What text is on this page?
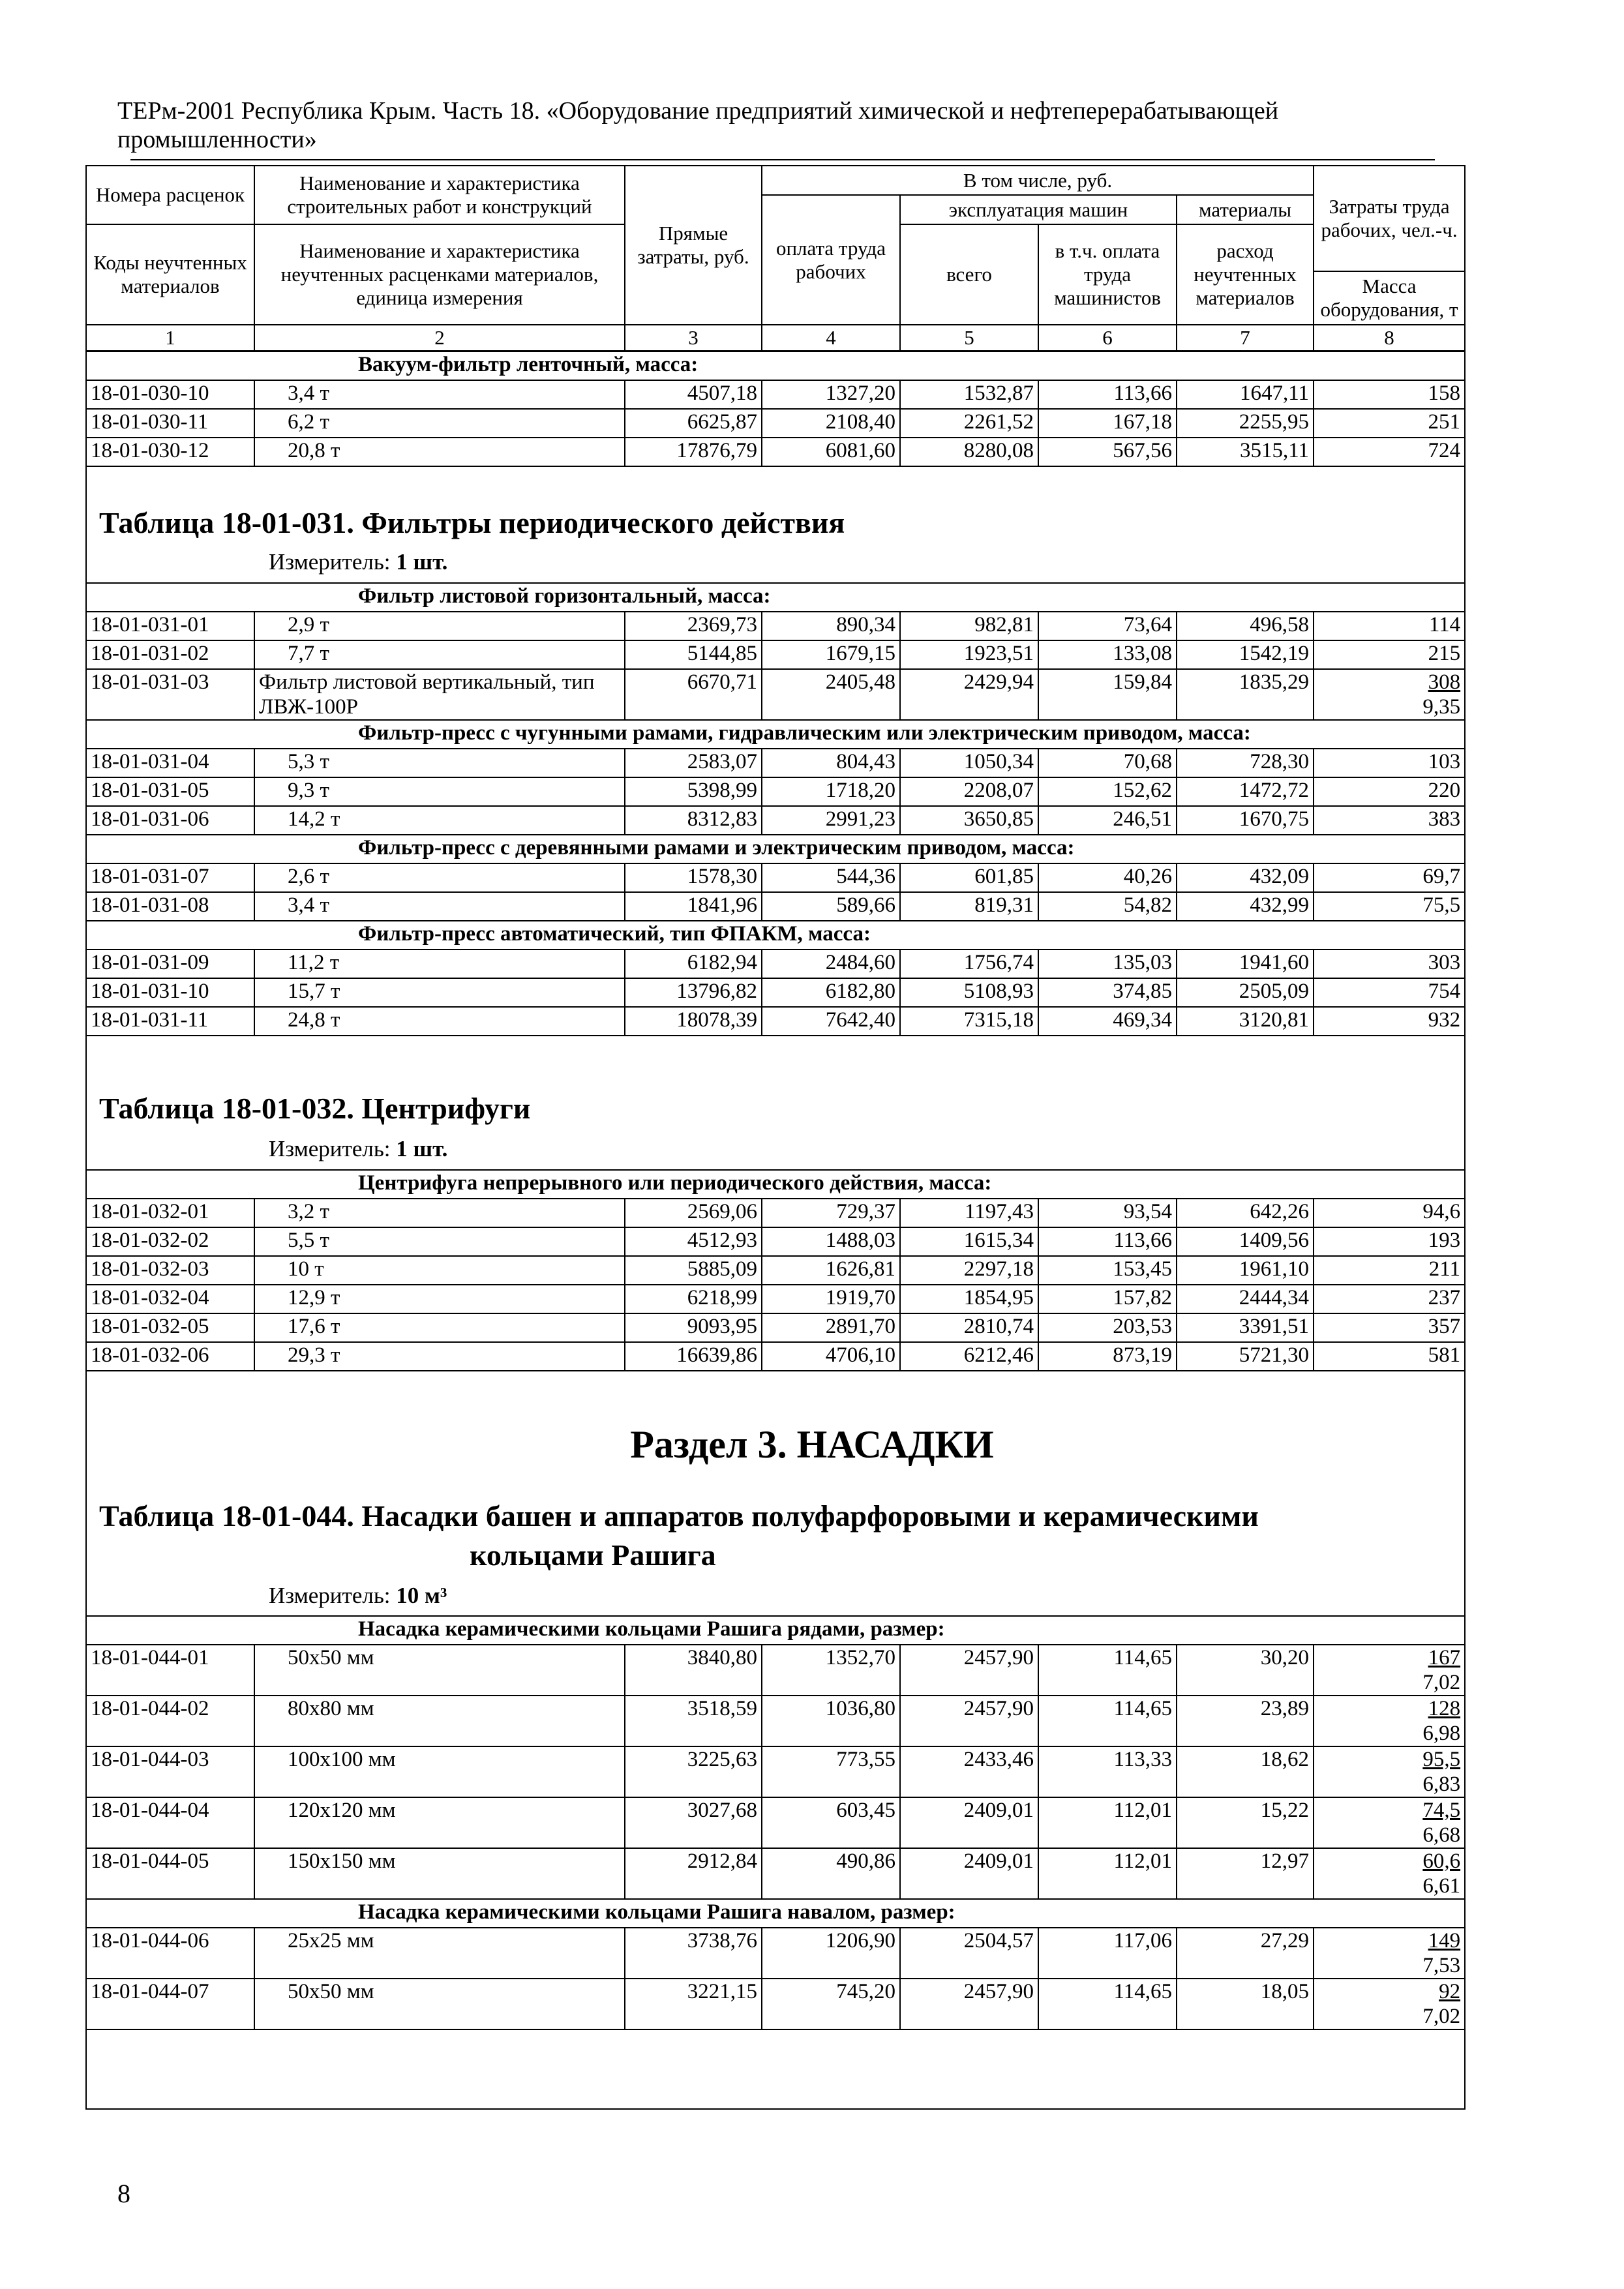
ТЕРм-2001 Республика Крым. Часть 18. «Оборудование предприятий химической и нефтеперерабатывающей промышленности»
Номера расценок	Наименование и характеристика строительных работ и конструкций	Прямые затраты, руб.	В том числе, руб.				Затраты труда рабочих, чел.-ч.
			оплата труда рабочих	эксплуатация машин		материалы	
Коды неучтенных материалов	Наименование и характеристика неучтенных расценками материалов, единица измерения			всего	в т.ч. оплата труда машинистов	расход неучтенных материалов	
							Масса оборудования, т
1	2	3	4	5	6	7	8
Вакуум-фильтр ленточный, масса:							
18-01-030-10	3,4 т	4507,18	1327,20	1532,87	113,66	1647,11	158
18-01-030-11	6,2 т	6625,87	2108,40	2261,52	167,18	2255,95	251
18-01-030-12	20,8 т	17876,79	6081,60	8280,08	567,56	3515,11	724
Таблица 18-01-031. Фильтры периодического действия
Измеритель: 1 шт.
Фильтр листовой горизонтальный, масса:							
18-01-031-01	2,9 т	2369,73	890,34	982,81	73,64	496,58	114
18-01-031-02	7,7 т	5144,85	1679,15	1923,51	133,08	1542,19	215
18-01-031-03	Фильтр листовой вертикальный, тип ЛВЖ-100Р	6670,71	2405,48	2429,94	159,84	1835,29	308
9,35

Фильтр-пресс с чугунными рамами, гидравлическим или электрическим приводом, масса:							
18-01-031-04	5,3 т	2583,07	804,43	1050,34	70,68	728,30	103
18-01-031-05	9,3 т	5398,99	1718,20	2208,07	152,62	1472,72	220
18-01-031-06	14,2 т	8312,83	2991,23	3650,85	246,51	1670,75	383
Фильтр-пресс с деревянными рамами и электрическим приводом, масса:							
18-01-031-07	2,6 т	1578,30	544,36	601,85	40,26	432,09	69,7
18-01-031-08	3,4 т	1841,96	589,66	819,31	54,82	432,99	75,5
Фильтр-пресс автоматический, тип ФПАКМ, масса:							
18-01-031-09	11,2 т	6182,94	2484,60	1756,74	135,03	1941,60	303
18-01-031-10	15,7 т	13796,82	6182,80	5108,93	374,85	2505,09	754
18-01-031-11	24,8 т	18078,39	7642,40	7315,18	469,34	3120,81	932
Таблица 18-01-032. Центрифуги
Измеритель: 1 шт.
Центрифуга непрерывного или периодического действия, масса:							
18-01-032-01	3,2 т	2569,06	729,37	1197,43	93,54	642,26	94,6
18-01-032-02	5,5 т	4512,93	1488,03	1615,34	113,66	1409,56	193
18-01-032-03	10 т	5885,09	1626,81	2297,18	153,45	1961,10	211
18-01-032-04	12,9 т	6218,99	1919,70	1854,95	157,82	2444,34	237
18-01-032-05	17,6 т	9093,95	2891,70	2810,74	203,53	3391,51	357
18-01-032-06	29,3 т	16639,86	4706,10	6212,46	873,19	5721,30	581
Раздел 3. НАСАДКИ
Таблица 18-01-044. Насадки башен и аппаратов полуфарфоровыми и керамическими
кольцами Рашига
Измеритель: 10 м³
Насадка керамическими кольцами Рашига рядами, размер:							
18-01-044-01	50х50 мм	3840,80	1352,70	2457,90	114,65	30,20	167
7,02

18-01-044-02	80х80 мм	3518,59	1036,80	2457,90	114,65	23,89	128
6,98

18-01-044-03	100х100 мм	3225,63	773,55	2433,46	113,33	18,62	95,5
6,83

18-01-044-04	120х120 мм	3027,68	603,45	2409,01	112,01	15,22	74,5
6,68

18-01-044-05	150х150 мм	2912,84	490,86	2409,01	112,01	12,97	60,6
6,61

Насадка керамическими кольцами Рашига навалом, размер:							
18-01-044-06	25х25 мм	3738,76	1206,90	2504,57	117,06	27,29	149
7,53

18-01-044-07	50х50 мм	3221,15	745,20	2457,90	114,65	18,05	92
7,02
8
